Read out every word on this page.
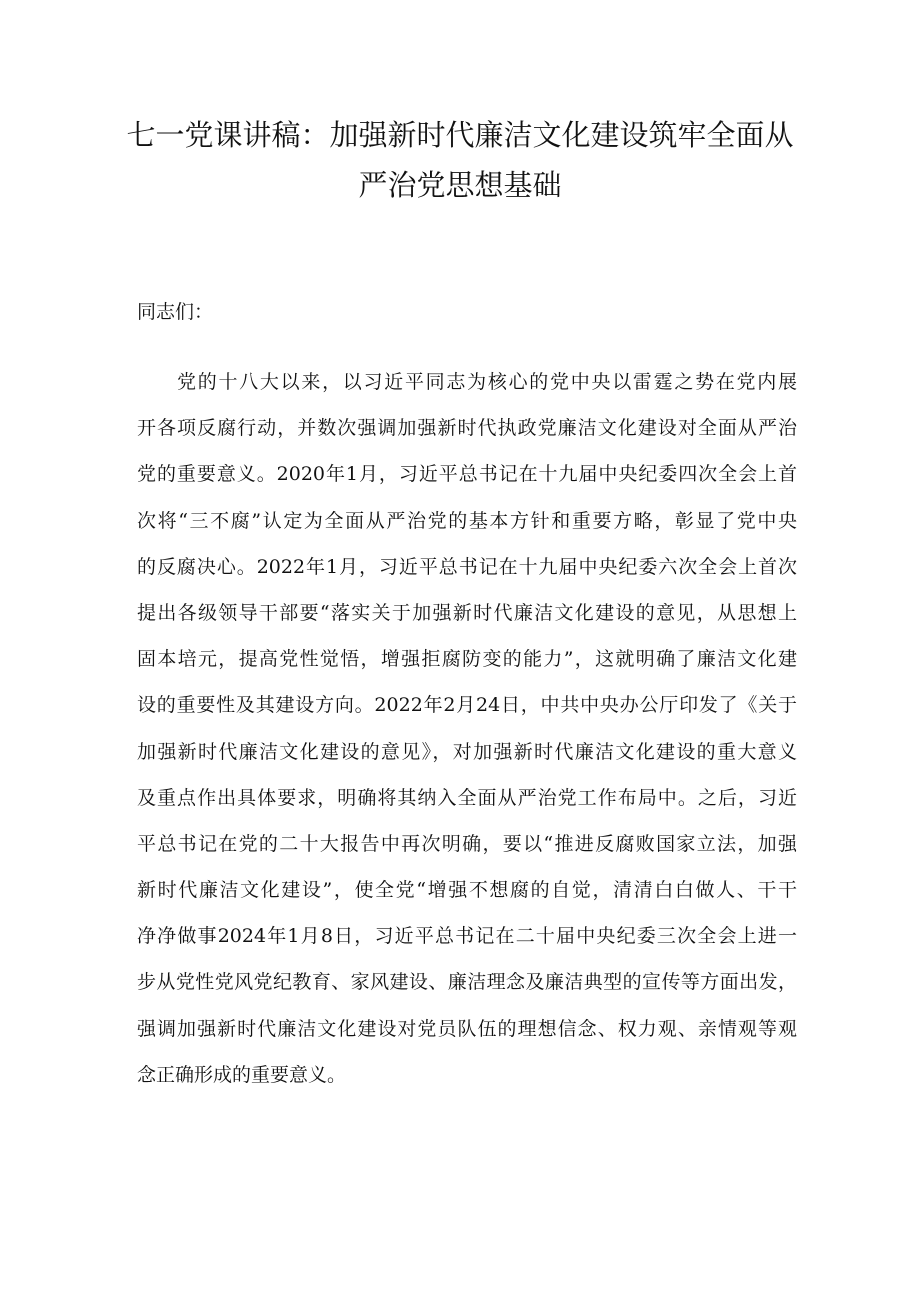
七一党课讲稿：加强新时代廉洁文化建设筑牢全面从
严治党思想基础

同志们：

党的十八大以来，以习近平同志为核心的党中央以雷霆之势在党内展
开各项反腐行动，并数次强调加强新时代执政党廉洁文化建设对全面从严治
党的重要意义。2020年1月，习近平总书记在十九届中央纪委四次全会上首
次将“三不腐”认定为全面从严治党的基本方针和重要方略，彰显了党中央
的反腐决心。2022年1月，习近平总书记在十九届中央纪委六次全会上首次
提出各级领导干部要“落实关于加强新时代廉洁文化建设的意见，从思想上
固本培元，提高党性觉悟，增强拒腐防变的能力”，这就明确了廉洁文化建
设的重要性及其建设方向。2022年2月24日，中共中央办公厅印发了《关于
加强新时代廉洁文化建设的意见》，对加强新时代廉洁文化建设的重大意义
及重点作出具体要求，明确将其纳入全面从严治党工作布局中。之后，习近
平总书记在党的二十大报告中再次明确，要以“推进反腐败国家立法，加强
新时代廉洁文化建设”，使全党“增强不想腐的自觉，清清白白做人、干干
净净做事2024年1月8日，习近平总书记在二十届中央纪委三次全会上进一
步从党性党风党纪教育、家风建设、廉洁理念及廉洁典型的宣传等方面出发，
强调加强新时代廉洁文化建设对党员队伍的理想信念、权力观、亲情观等观
念正确形成的重要意义。
